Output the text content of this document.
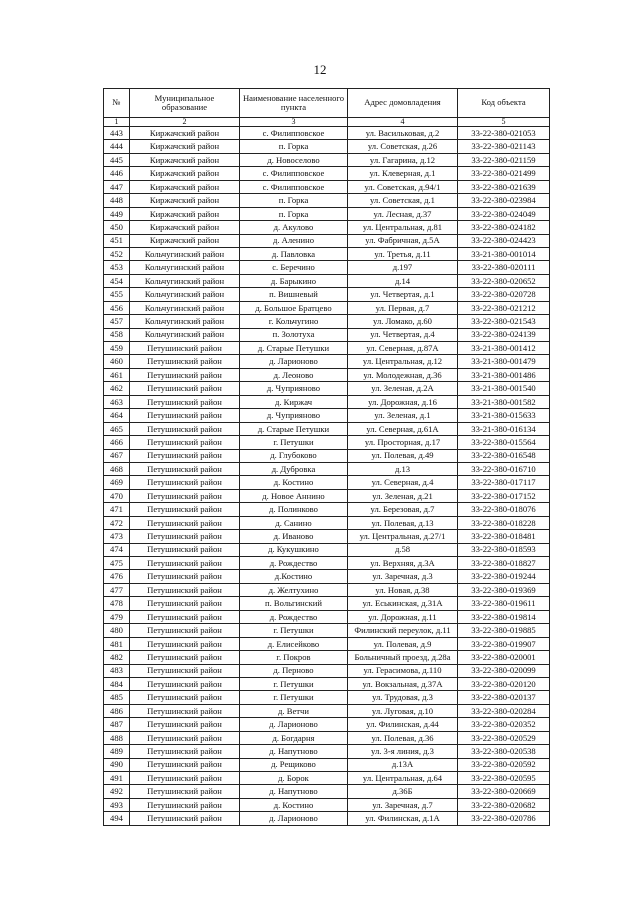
12
№	Муниципальное образование	Наименование населенного пункта	Адрес домовладения	Код объекта
1	2	3	4	5
443	Киржачский район	с. Филипповское	ул. Васильковая, д.2	33-22-380-021053
444	Киржачский район	п. Горка	ул. Советская, д.26	33-22-380-021143
445	Киржачский район	д. Новоселово	ул. Гагарина, д.12	33-22-380-021159
446	Киржачский район	с. Филипповское	ул. Клеверная, д.1	33-22-380-021499
447	Киржачский район	с. Филипповское	ул. Советская, д.94/1	33-22-380-021639
448	Киржачский район	п. Горка	ул. Советская, д.1	33-22-380-023984
449	Киржачский район	п. Горка	ул. Лесная, д.37	33-22-380-024049
450	Киржачский район	д. Акулово	ул. Центральная, д.81	33-22-380-024182
451	Киржачский район	д. Аленино	ул. Фабричная, д.5А	33-22-380-024423
452	Кольчугинский район	д. Павловка	ул. Третья, д.11	33-21-380-001014
453	Кольчугинский район	с. Беречино	д.197	33-22-380-020111
454	Кольчугинский район	д. Барыкино	д.14	33-22-380-020652
455	Кольчугинский район	п. Вишневый	ул. Четвертая, д.1	33-22-380-020728
456	Кольчугинский район	д. Большое Братцево	ул. Первая, д.7	33-22-380-021212
457	Кольчугинский район	г. Кольчугино	ул. Ломако, д.60	33-22-380-021543
458	Кольчугинский район	п. Золотуха	ул. Четвертая, д.4	33-22-380-024139
459	Петушинский район	д. Старые Петушки	ул. Северная, д.87А	33-21-380-001412
460	Петушинский район	д. Ларионово	ул. Центральная, д.12	33-21-380-001479
461	Петушинский район	д. Леоново	ул. Молодежная, д.36	33-21-380-001486
462	Петушинский район	д. Чуприяново	ул. Зеленая, д.2А	33-21-380-001540
463	Петушинский район	д. Киржач	ул. Дорожная, д.16	33-21-380-001582
464	Петушинский район	д. Чуприяново	ул. Зеленая, д.1	33-21-380-015633
465	Петушинский район	д. Старые Петушки	ул. Северная, д.61А	33-21-380-016134
466	Петушинский район	г. Петушки	ул. Просторная, д.17	33-22-380-015564
467	Петушинский район	д. Глубоково	ул. Полевая, д.49	33-22-380-016548
468	Петушинский район	д. Дубровка	д.13	33-22-380-016710
469	Петушинский район	д. Костино	ул. Северная, д.4	33-22-380-017117
470	Петушинский район	д. Новое Аннино	ул. Зеленая, д.21	33-22-380-017152
471	Петушинский район	д. Полинково	ул. Березовая, д.7	33-22-380-018076
472	Петушинский район	д. Санино	ул. Полевая, д.13	33-22-380-018228
473	Петушинский район	д. Иваново	ул. Центральная, д.27/1	33-22-380-018481
474	Петушинский район	д. Кукушкино	д.58	33-22-380-018593
475	Петушинский район	д. Рождество	ул. Верхняя, д.3А	33-22-380-018827
476	Петушинский район	д.Костино	ул. Заречная, д.3	33-22-380-019244
477	Петушинский район	д. Желтухино	ул. Новая, д.38	33-22-380-019369
478	Петушинский район	п. Вольгинский	ул. Еськинская, д.31А	33-22-380-019611
479	Петушинский район	д. Рождество	ул. Дорожная, д.11	33-22-380-019814
480	Петушинский район	г. Петушки	Филинский переулок, д.11	33-22-380-019885
481	Петушинский район	д. Елисейково	ул. Полевая, д.9	33-22-380-019907
482	Петушинский район	г. Покров	Больничный проезд, д.28а	33-22-380-020001
483	Петушинский район	д. Перново	ул. Герасимова, д.110	33-22-380-020099
484	Петушинский район	г. Петушки	ул. Вокзальная, д.37А	33-22-380-020120
485	Петушинский район	г. Петушки	ул. Трудовая, д.3	33-22-380-020137
486	Петушинский район	д. Ветчи	ул. Луговая, д.10	33-22-380-020284
487	Петушинский район	д. Ларионово	ул. Филинская, д.44	33-22-380-020352
488	Петушинский район	д. Богдарня	ул. Полевая, д.36	33-22-380-020529
489	Петушинский район	д. Напутново	ул. 3-я линия, д.3	33-22-380-020538
490	Петушинский район	д. Рещиково	д.13А	33-22-380-020592
491	Петушинский район	д. Борок	ул. Центральная, д.64	33-22-380-020595
492	Петушинский район	д. Напутново	д.36Б	33-22-380-020669
493	Петушинский район	д. Костино	ул. Заречная, д.7	33-22-380-020682
494	Петушинский район	д. Ларионово	ул. Филинская, д.1А	33-22-380-020786
